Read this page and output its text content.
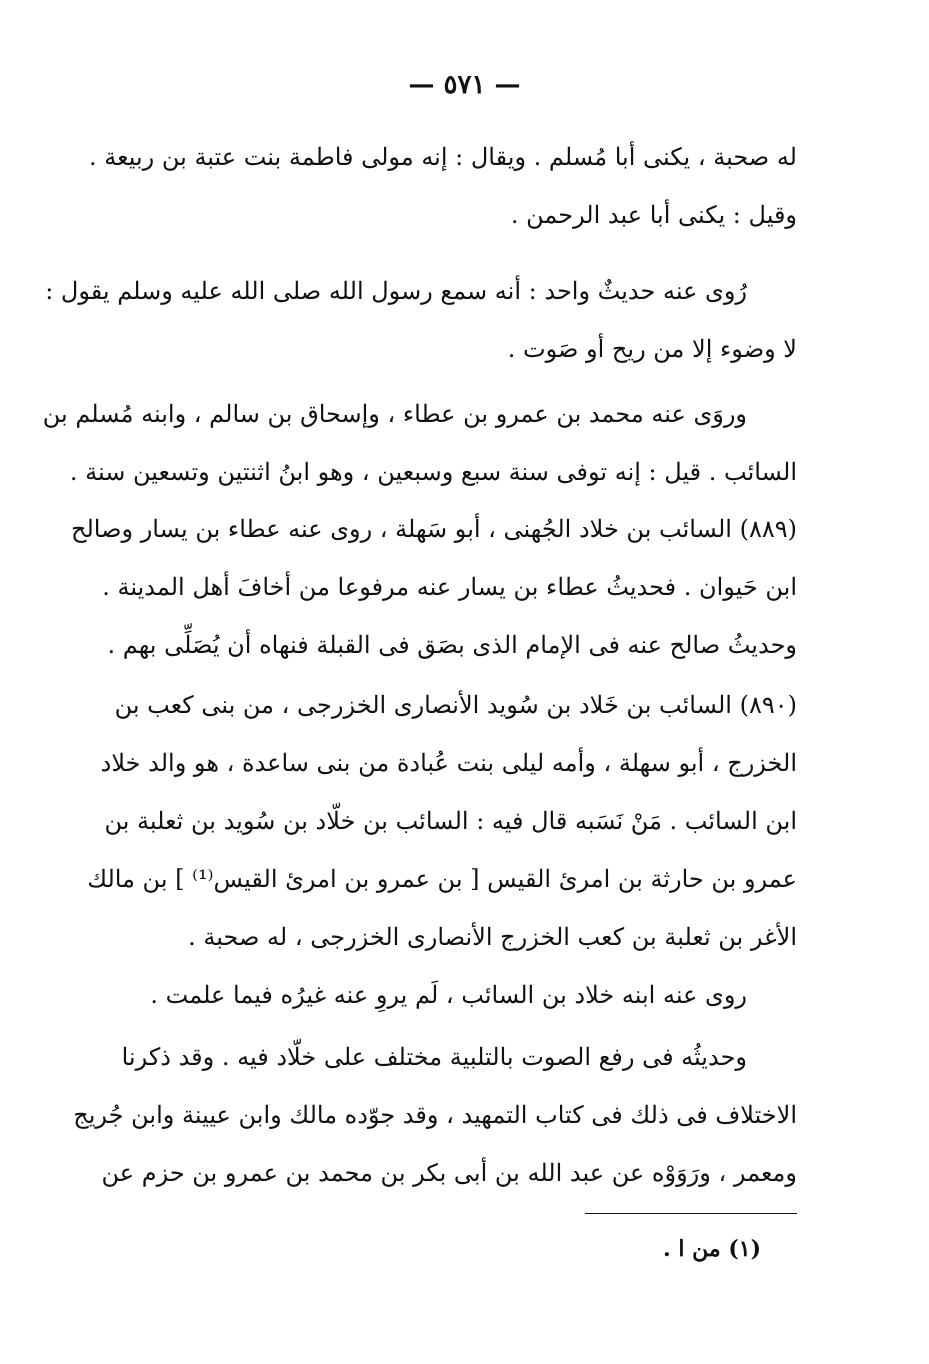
— ٥٧١ —
له صحبة ، يكنى أبا مُسلم . ويقال : إنه مولى فاطمة بنت عتبة بن ربيعة .
وقيل : يكنى أبا عبد الرحمن .
رُوى عنه حديثٌ واحد : أنه سمع رسول الله صلى الله عليه وسلم يقول :
لا وضوء إلا من ريح أو صَوت .
وروَى عنه محمد بن عمرو بن عطاء ، وإسحاق بن سالم ، وابنه مُسلم بن
السائب . قيل : إنه توفى سنة سبع وسبعين ، وهو ابنُ اثنتين وتسعين سنة .
(٨٨٩) السائب بن خلاد الجُهنى ، أبو سَهلة ، روى عنه عطاء بن يسار وصالح
ابن حَيوان . فحديثُ عطاء بن يسار عنه مرفوعا من أخافَ أهل المدينة .
وحديثُ صالح عنه فى الإمام الذى بصَق فى القبلة فنهاه أن يُصَلِّى بهم .
(٨٩٠) السائب بن خَلاد بن سُويد الأنصارى الخزرجى ، من بنى كعب بن
الخزرج ، أبو سهلة ، وأمه ليلى بنت عُبادة من بنى ساعدة ، هو والد خلاد
ابن السائب . مَنْ نَسَبه قال فيه : السائب بن خلّاد بن سُويد بن ثعلبة بن
عمرو بن حارثة بن امرئ القيس [ بن عمرو بن امرئ القيس⁽¹⁾ ] بن مالك
الأغر بن ثعلبة بن كعب الخزرج الأنصارى الخزرجى ، له صحبة .
روى عنه ابنه خلاد بن السائب ، لَم يروِ عنه غيرُه فيما علمت .
وحديثُه فى رفع الصوت بالتلبية مختلف على خلّاد فيه . وقد ذكرنا
الاختلاف فى ذلك فى كتاب التمهيد ، وقد جوّده مالك وابن عيينة وابن جُريج
ومعمر ، ورَوَوْه عن عبد الله بن أبى بكر بن محمد بن عمرو بن حزم عن
(١) من ا .
